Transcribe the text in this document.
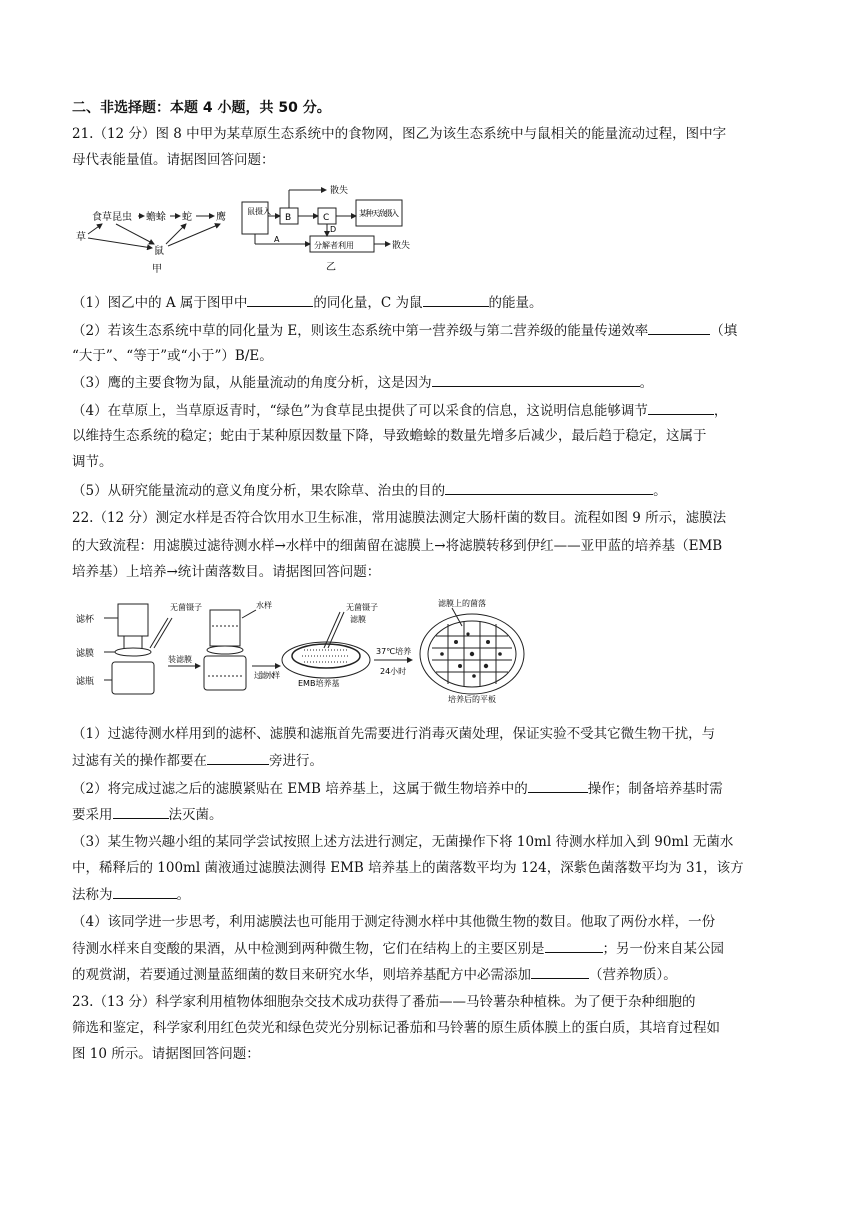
二、非选择题：本题 4 小题，共 50 分。
21.（12 分）图 8 中甲为某草原生态系统中的食物网，图乙为该生态系统中与鼠相关的能量流动过程，图中字
母代表能量值。请据图回答问题：
草
食草昆虫 蟾蜍 蛇 鹰
鼠
甲
鼠摄入
B	C
D
A
散失
某种天敌摄入
分解者利用	散失
乙
（1）图乙中的 A 属于图甲中	的同化量，C 为鼠	的能量。
（2）若该生态系统中草的同化量为 E，则该生态系统中第一营养级与第二营养级的能量传递效率	（填
“大于”、“等于”或“小于”）B/E。
（3）鹰的主要食物为鼠，从能量流动的角度分析，这是因为	。
（4）在草原上，当草原返青时，“绿色”为食草昆虫提供了可以采食的信息，这说明信息能够调节	，
以维持生态系统的稳定；蛇由于某种原因数量下降，导致蟾蜍的数量先增多后减少，最后趋于稳定，这属于
调节。
（5）从研究能量流动的意义角度分析，果农除草、治虫的目的	。
22.（12 分）测定水样是否符合饮用水卫生标准，常用滤膜法测定大肠杆菌的数目。流程如图 9 所示，滤膜法
的大致流程：用滤膜过滤待测水样→水样中的细菌留在滤膜上→将滤膜转移到伊红——亚甲蓝的培养基（EMB
培养基）上培养→统计菌落数目。请据图回答问题：
滤杯
滤膜
滤瓶
无菌镊子
装滤膜
水样
过滤水样
无菌镊子
滤膜
EMB培养基
37℃培养
24小时
滤膜上的菌落
培养后的平板
（1）过滤待测水样用到的滤杯、滤膜和滤瓶首先需要进行消毒灭菌处理，保证实验不受其它微生物干扰，与
过滤有关的操作都要在	旁进行。
（2）将完成过滤之后的滤膜紧贴在 EMB 培养基上，这属于微生物培养中的	操作；制备培养基时需
要采用	法灭菌。
（3）某生物兴趣小组的某同学尝试按照上述方法进行测定，无菌操作下将 10ml 待测水样加入到 90ml 无菌水
中，稀释后的 100ml 菌液通过滤膜法测得 EMB 培养基上的菌落数平均为 124，深紫色菌落数平均为 31，该方
法称为	。
（4）该同学进一步思考，利用滤膜法也可能用于测定待测水样中其他微生物的数目。他取了两份水样，一份
待测水样来自变酸的果酒，从中检测到两种微生物，它们在结构上的主要区别是	；另一份来自某公园
的观赏湖，若要通过测量蓝细菌的数目来研究水华，则培养基配方中必需添加	（营养物质）。
23.（13 分）科学家利用植物体细胞杂交技术成功获得了番茄——马铃薯杂种植株。为了便于杂种细胞的
筛选和鉴定，科学家利用红色荧光和绿色荧光分别标记番茄和马铃薯的原生质体膜上的蛋白质，其培育过程如
图 10 所示。请据图回答问题：
